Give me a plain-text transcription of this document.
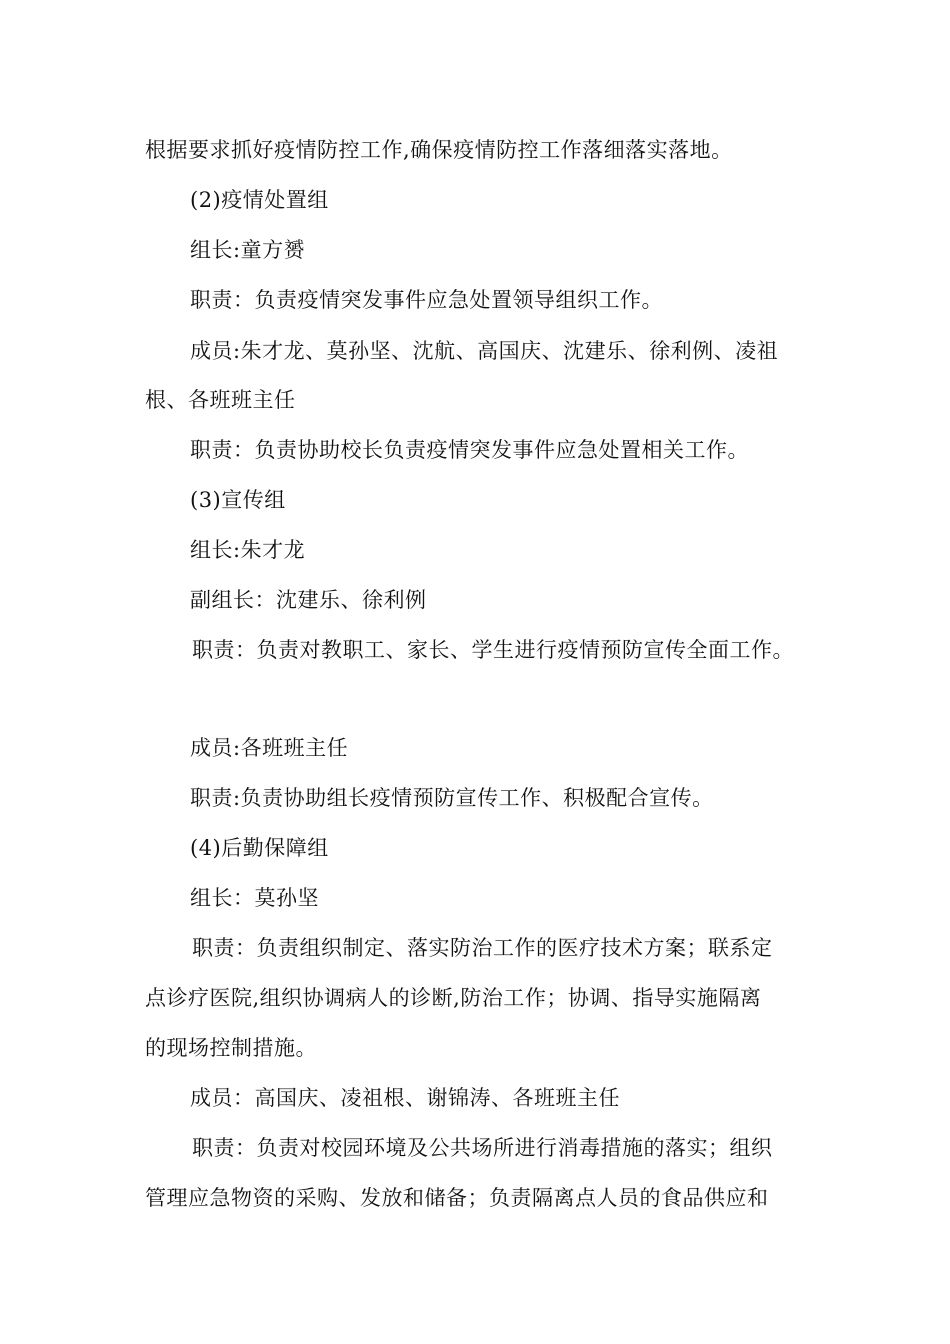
根据要求抓好疫情防控工作,确保疫情防控工作落细落实落地。
(2)疫情处置组
组长:童方赟
职责：负责疫情突发事件应急处置领导组织工作。
成员:朱才龙、莫孙坚、沈航、高国庆、沈建乐、徐利例、凌祖
根、各班班主任
职责：负责协助校长负责疫情突发事件应急处置相关工作。
(3)宣传组
组长:朱才龙
副组长：沈建乐、徐利例
职责：负责对教职工、家长、学生进行疫情预防宣传全面工作。
成员:各班班主任
职责:负责协助组长疫情预防宣传工作、积极配合宣传。
(4)后勤保障组
组长：莫孙坚
职责：负责组织制定、落实防治工作的医疗技术方案；联系定
点诊疗医院,组织协调病人的诊断,防治工作；协调、指导实施隔离
的现场控制措施。
成员：高国庆、凌祖根、谢锦涛、各班班主任
职责：负责对校园环境及公共场所进行消毒措施的落实；组织
管理应急物资的采购、发放和储备；负责隔离点人员的食品供应和
